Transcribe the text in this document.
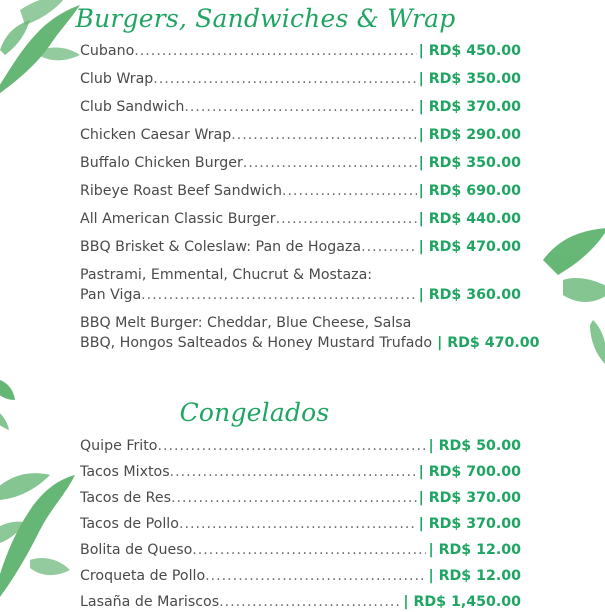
Burgers, Sandwiches & Wrap
Cubano .....	| RD$ 450.00
Club Wrap .....	| RD$ 350.00
Club Sandwich .....	| RD$ 370.00
Chicken Caesar Wrap .....	| RD$ 290.00
Buffalo Chicken Burger .....	| RD$ 350.00
Ribeye Roast Beef Sandwich .....	| RD$ 690.00
All American Classic Burger .....	| RD$ 440.00
BBQ Brisket & Coleslaw: Pan de Hogaza .....	| RD$ 470.00
Pastrami, Emmental, Chucrut & Mostaza:
Pan Viga .....	| RD$ 360.00
BBQ Melt Burger: Cheddar, Blue Cheese, Salsa
BBQ, Hongos Salteados & Honey Mustard Trufado | RD$ 470.00
Congelados
Quipe Frito .....	| RD$ 50.00
Tacos Mixtos .....	| RD$ 700.00
Tacos de Res .....	| RD$ 370.00
Tacos de Pollo .....	| RD$ 370.00
Bolita de Queso .....	| RD$ 12.00
Croqueta de Pollo .....	| RD$ 12.00
Lasaña de Mariscos .....	| RD$ 1,450.00
